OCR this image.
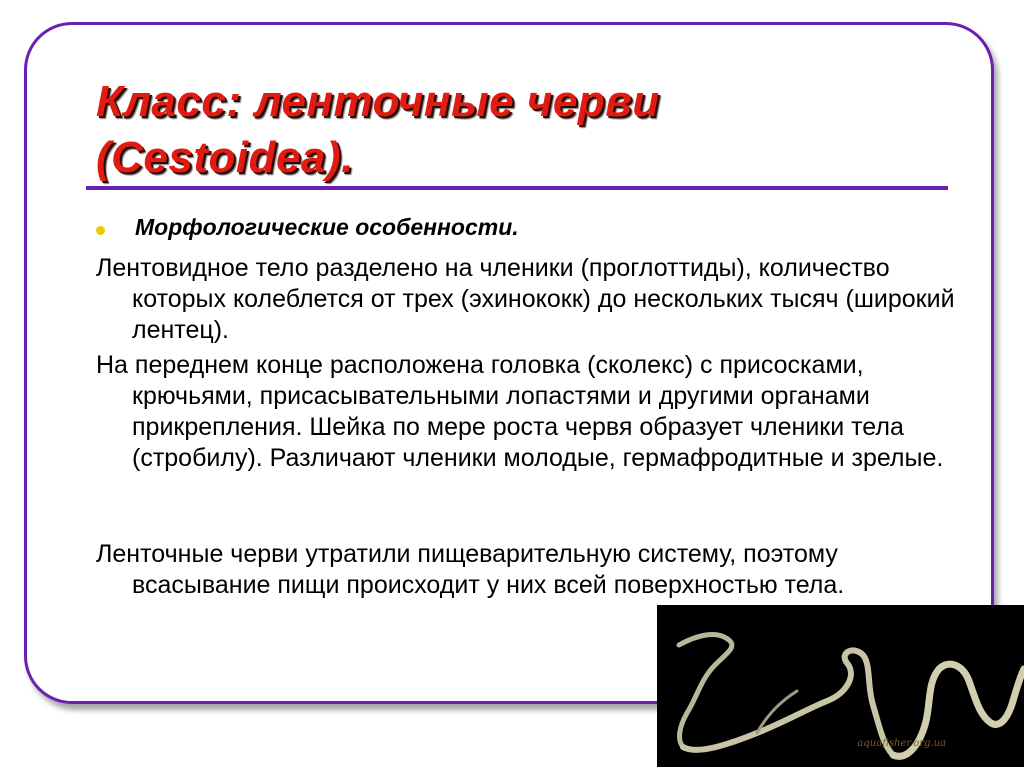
Класс: ленточные черви (Cestoidea).
Морфологические особенности.

Лентовидное тело разделено на членики (проглоттиды), количество которых колеблется от трех (эхинококк) до нескольких тысяч (широкий лентец).

На переднем конце расположена головка (сколекс) с присосками, крючьями, присасывательными лопастями и другими органами прикрепления. Шейка по мере роста червя образует членики тела (стробилу). Различают членики молодые, гермафродитные и зрелые.

Ленточные черви утратили пищеварительную систему, поэтому всасывание пищи происходит у них всей поверхностью тела.

aquafisher.org.ua
